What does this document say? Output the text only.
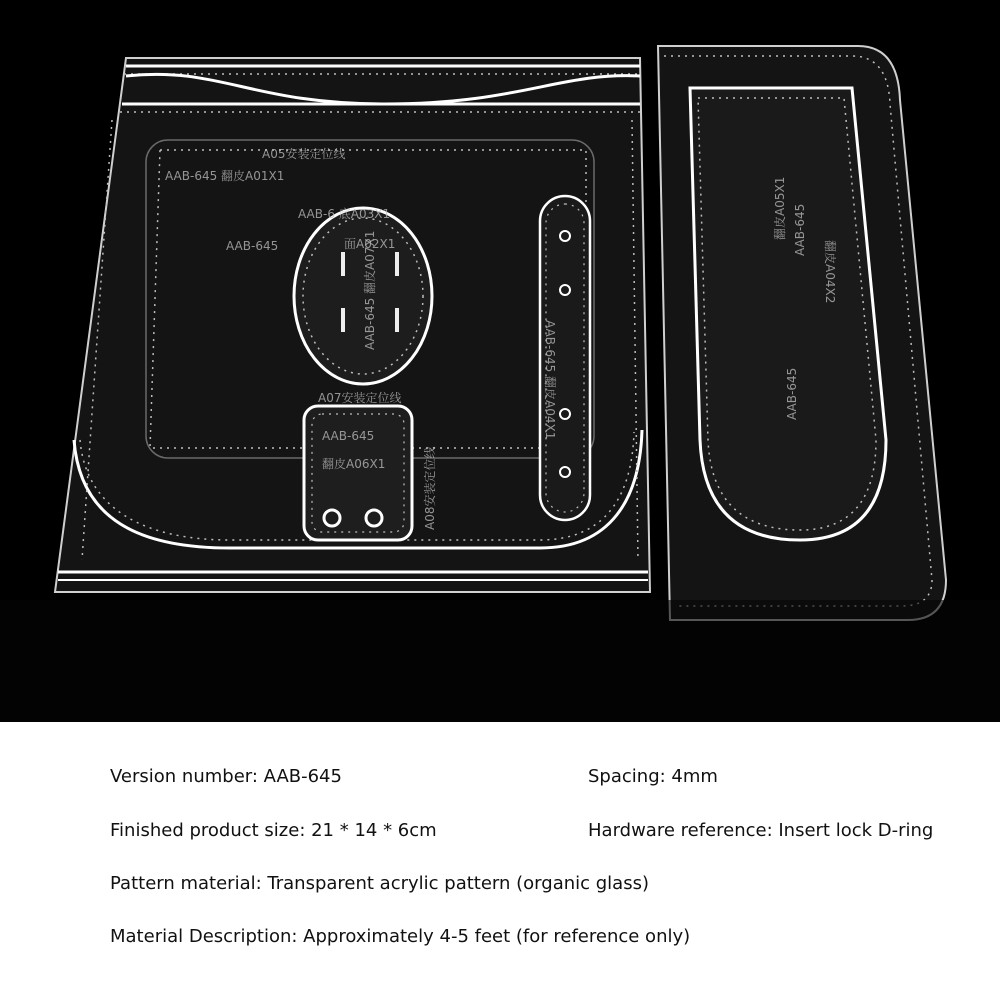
A05安装定位线
AAB-645 翻皮A01X1
AAB-6 底A03X1
AAB-645	面A02X1
AAB-645 翻皮A07X1
A07安装定位线
AAB-645
翻皮A06X1	A08安装定位线
AAB-645 翻皮A04X1
翻皮A05X1
翻皮A04X2
AAB-645
AAB-645
Version number: AAB-645	Spacing: 4mm
Finished product size: 21 * 14 * 6cm	Hardware reference: Insert lock D-ring
Pattern material: Transparent acrylic pattern (organic glass)
Material Description: Approximately 4-5 feet (for reference only)
